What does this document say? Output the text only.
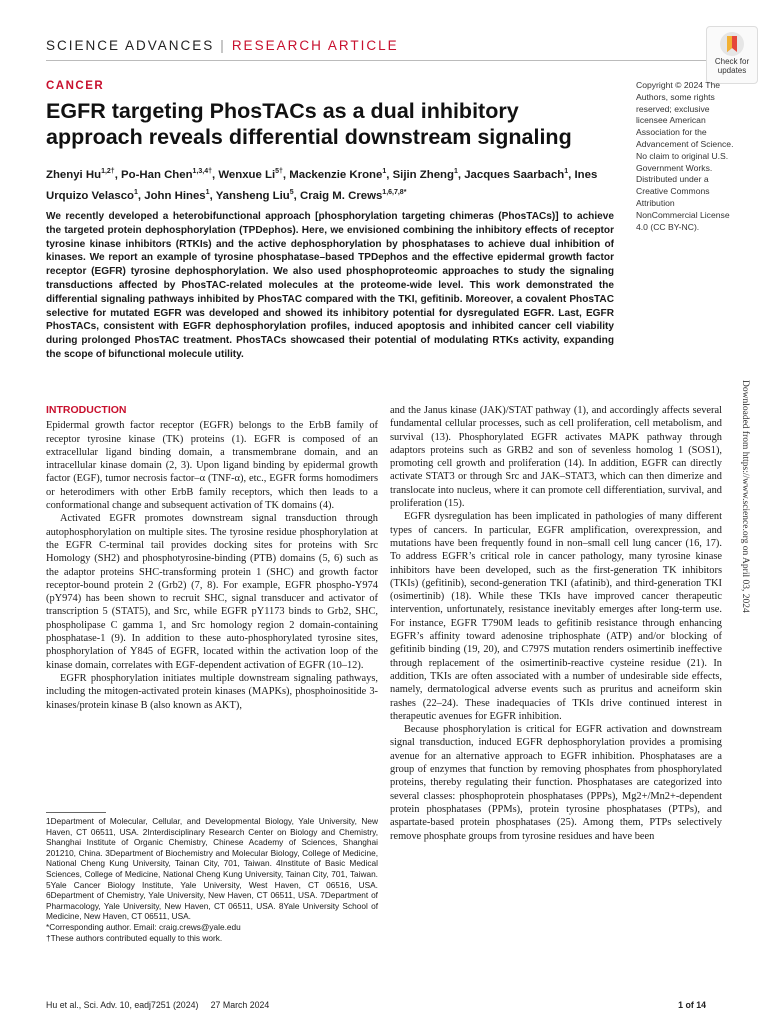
SCIENCE ADVANCES | RESEARCH ARTICLE
Check for
updates
CANCER
EGFR targeting PhosTACs as a dual inhibitory approach reveals differential downstream signaling

Zhenyi $Hu^{1,2\dagger}$, Po-Han Chen$^{1,3,4\dagger}$, Wenxue $Li^{5\dagger}$, Mackenzie Krone$^1$, Sijin Zheng$^1$, Jacques Saarbach$^1$, Ines Urquizo Velasco$^1$, John Hines$^1$, Yansheng Liu$^5$, Craig M. Crews$^{1,6,7,8*}$

We recently developed a heterobifunctional approach [phosphorylation targeting chimeras (PhosTACs)] to achieve the targeted protein dephosphorylation (TPDephos). Here, we envisioned combining the inhibitory effects of receptor tyrosine kinase inhibitors (RTKIs) and the active dephosphorylation by phosphatases to achieve dual inhibition of kinases. We report an example of tyrosine phosphatase–based TPDephos and the effective epidermal growth factor receptor (EGFR) tyrosine dephosphorylation. We also used phosphoproteomic approaches to study the signaling transductions affected by PhosTAC-related molecules at the proteome-wide level. This work demonstrated the differential signaling pathways inhibited by PhosTAC compared with the TKI, gefitinib. Moreover, a covalent PhosTAC selective for mutated EGFR was developed and showed its inhibitory potential for dysregulated EGFR. Last, EGFR PhosTACs, consistent with EGFR dephosphorylation profiles, induced apoptosis and inhibited cancer cell viability during prolonged PhosTAC treatment. PhosTACs showcased their potential of modulating RTKs activity, expanding the scope of bifunctional molecule utility.

Copyright © 2024 The Authors, some rights reserved; exclusive licensee American Association for the Advancement of Science. No claim to original U.S. Government Works. Distributed under a Creative Commons Attribution NonCommercial License 4.0 (CC BY-NC).

Downloaded from https://www.science.org on April 03, 2024
INTRODUCTION

Epidermal growth factor receptor (EGFR) belongs to the ErbB family of receptor tyrosine kinase (TK) proteins (1). EGFR is composed of an extracellular ligand binding domain, a transmembrane domain, and an intracellular kinase domain (2, 3). Upon ligand binding by epidermal growth factor (EGF), tumor necrosis factor–α (TNF-α), etc., EGFR forms homodimers or heterodimers with other ErbB family receptors, which then leads to a conformational change and subsequent activation of TK domains (4).

Activated EGFR promotes downstream signal transduction through autophosphorylation on multiple sites. The tyrosine residue phosphorylation at the EGFR C-terminal tail provides docking sites for proteins with Src Homology (SH2) and phosphotyrosine-binding (PTB) domains (5, 6) such as the adaptor proteins SHC-transforming protein 1 (SHC) and growth factor receptor-bound protein 2 (Grb2) (7, 8). For example, EGFR phospho-Y974 (pY974) has been shown to recruit SHC, signal transducer and activator of transcription 5 (STAT5), and Src, while EGFR pY1173 binds to Grb2, SHC, phospholipase C gamma 1, and Src homology region 2 domain-containing phosphatase-1 (9). In addition to these auto-phosphorylated tyrosine sites, phosphorylation of Y845 of EGFR, located within the activation loop of the kinase domain, correlates with EGF-dependent activation of EGFR (10–12).

EGFR phosphorylation initiates multiple downstream signaling pathways, including the mitogen-activated protein kinases (MAPKs), phosphoinositide 3-kinases/protein kinase B (also known as AKT),

1Department of Molecular, Cellular, and Developmental Biology, Yale University, New Haven, CT 06511, USA. 2Interdisciplinary Research Center on Biology and Chemistry, Shanghai Institute of Organic Chemistry, Chinese Academy of Sciences, Shanghai 201210, China. 3Department of Biochemistry and Molecular Biology, College of Medicine, National Cheng Kung University, Tainan City, 701, Taiwan. 4Institute of Basic Medical Sciences, College of Medicine, National Cheng Kung University, Tainan City, 701, Taiwan. 5Yale Cancer Biology Institute, Yale University, West Haven, CT 06516, USA. 6Department of Chemistry, Yale University, New Haven, CT 06511, USA. 7Department of Pharmacology, Yale University, New Haven, CT 06511, USA. 8Yale University School of Medicine, New Haven, CT 06511, USA.
*Corresponding author. Email: craig.crews@yale.edu
†These authors contributed equally to this work.

and the Janus kinase (JAK)/STAT pathway (1), and accordingly affects several fundamental cellular processes, such as cell proliferation, cell metabolism, and survival (13). Phosphorylated EGFR activates MAPK pathway through adaptors proteins such as GRB2 and son of sevenless homolog 1 (SOS1), promoting cell growth and proliferation (14). In addition, EGFR can directly activate STAT3 or through Src and JAK–STAT3, which can then dimerize and translocate into nucleus, where it can promote cell differentiation, survival, and proliferation (15).

EGFR dysregulation has been implicated in pathologies of many different types of cancers. In particular, EGFR amplification, overexpression, and mutations have been frequently found in non–small cell lung cancer (16, 17). To address EGFR’s critical role in cancer pathology, many tyrosine kinase inhibitors have been developed, such as the first-generation TK inhibitors (TKIs) (gefitinib), second-generation TKI (afatinib), and third-generation TKI (osimertinib) (18). While these TKIs have improved cancer therapeutic intervention, unfortunately, resistance inevitably emerges after long-term use. For instance, EGFR T790M leads to gefitinib resistance through enhancing EGFR’s affinity toward adenosine triphosphate (ATP) and/or blocking of gefitinib binding (19, 20), and C797S mutation renders osimertinib ineffective through replacement of the osimertinib-reactive cysteine residue (21). In addition, TKIs are often associated with a number of undesirable side effects, namely, dermatological adverse events such as pruritus and acneiform skin rashes (22–24). These inadequacies of TKIs drive continued interest in therapeutic avenues for EGFR inhibition.

Because phosphorylation is critical for EGFR activation and downstream signal transduction, induced EGFR dephosphorylation provides a promising avenue for an alternative approach to EGFR inhibition. Phosphatases are a group of enzymes that function by removing phosphates from phosphorylated proteins, thereby regulating their function. Phosphatases are categorized into several classes: phosphoprotein phosphatases (PPPs), Mg2+/Mn2+-dependent protein phosphatases (PPMs), protein tyrosine phosphatases (PTPs), and aspartate-based protein phosphatases (25). Among them, PTPs selectively remove phosphate groups from tyrosine residues and have been

Hu et al., Sci. Adv. 10, eadj7251 (2024)     27 March 2024	1 of 14
